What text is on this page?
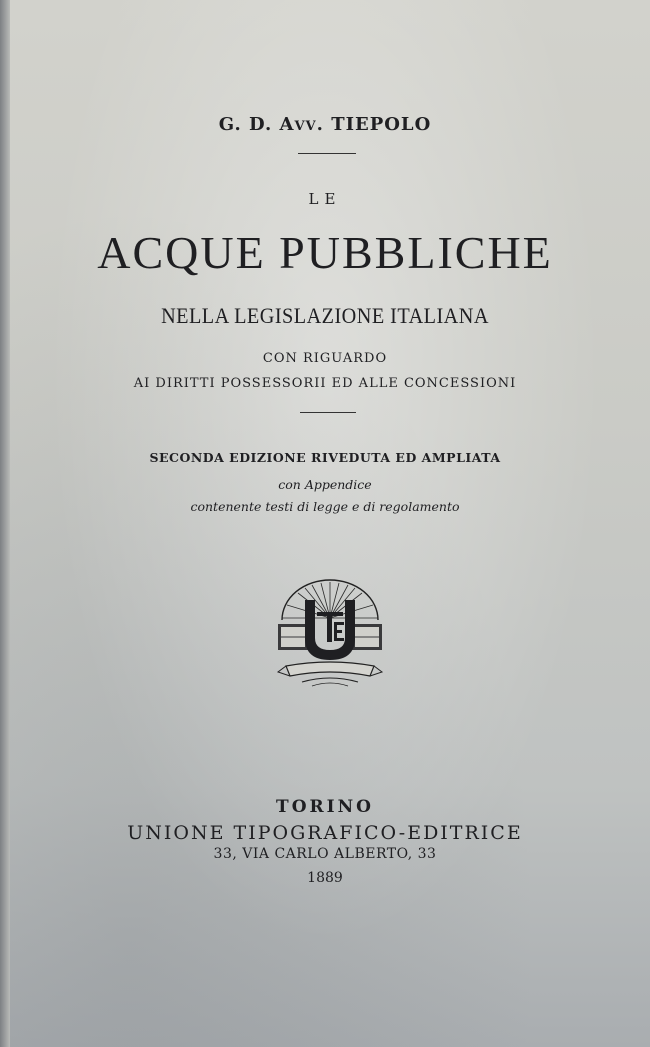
G. D. Avv. TIEPOLO
LE
ACQUE PUBBLICHE
NELLA LEGISLAZIONE ITALIANA
CON RIGUARDO
AI DIRITTI POSSESSORII ED ALLE CONCESSIONI
SECONDA EDIZIONE RIVEDUTA ED AMPLIATA
con Appendice
contenente testi di legge e di regolamento
TORINO
UNIONE TIPOGRAFICO-EDITRICE
33, VIA CARLO ALBERTO, 33
1889
